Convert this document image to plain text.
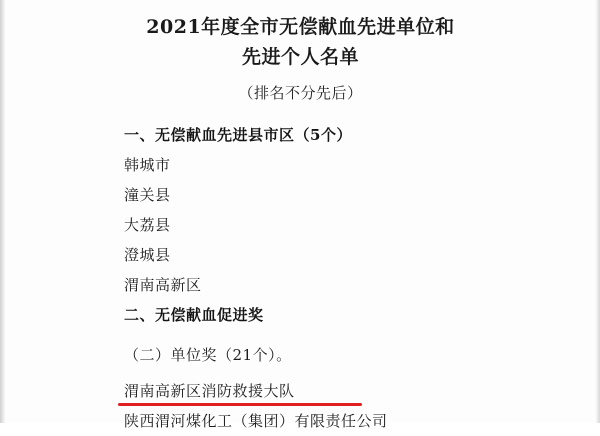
2021年度全市无偿献血先进单位和
先进个人名单
（排名不分先后）
一、无偿献血先进县市区（5个）
韩城市
潼关县
大荔县
澄城县
渭南高新区
二、无偿献血促进奖
（二）单位奖（21个）。
渭南高新区消防救援大队
陕西渭河煤化工（集团）有限责任公司
